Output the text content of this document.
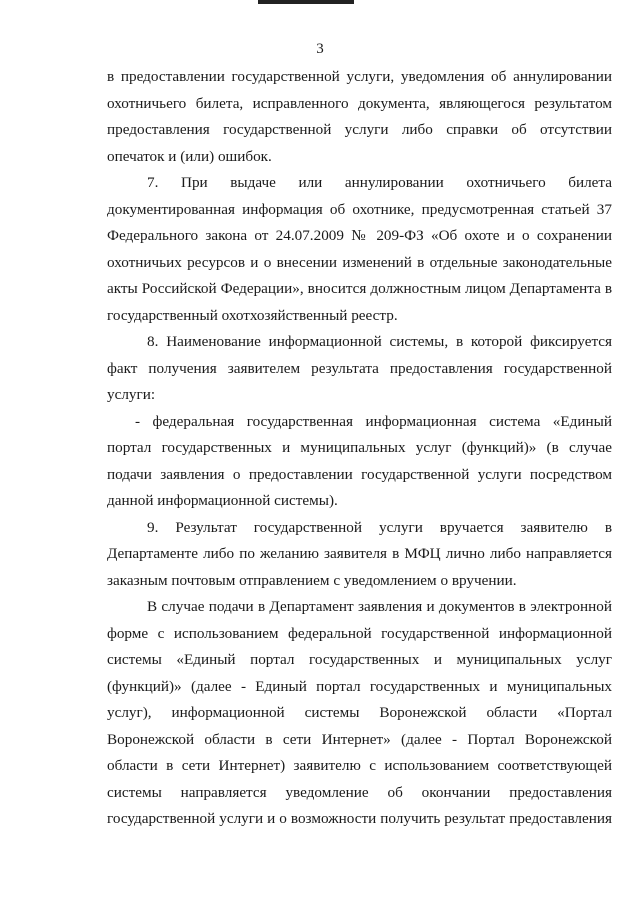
3
в предоставлении государственной услуги, уведомления об аннулировании
охотничьего билета, исправленного документа, являющегося результатом
предоставления государственной услуги либо справки об отсутствии
опечаток и (или) ошибок.
7. При выдаче или аннулировании охотничьего билета
документированная информация об охотнике, предусмотренная статьей 37
Федерального закона от 24.07.2009 № 209-ФЗ «Об охоте и о сохранении
охотничьих ресурсов и о внесении изменений в отдельные законодательные
акты Российской Федерации», вносится должностным лицом Департамента в
государственный охотхозяйственный реестр.
8. Наименование информационной системы, в которой фиксируется
факт получения заявителем результата предоставления государственной
услуги:
- федеральная государственная информационная система «Единый
портал государственных и муниципальных услуг (функций)» (в случае
подачи заявления о предоставлении государственной услуги посредством
данной информационной системы).
9. Результат государственной услуги вручается заявителю в
Департаменте либо по желанию заявителя в МФЦ лично либо направляется
заказным почтовым отправлением с уведомлением о вручении.
В случае подачи в Департамент заявления и документов в электронной
форме с использованием федеральной государственной информационной
системы «Единый портал государственных и муниципальных услуг
(функций)» (далее - Единый портал государственных и муниципальных
услуг), информационной системы Воронежской области «Портал
Воронежской области в сети Интернет» (далее - Портал Воронежской
области в сети Интернет) заявителю с использованием соответствующей
системы направляется уведомление об окончании предоставления
государственной услуги и о возможности получить результат предоставления
